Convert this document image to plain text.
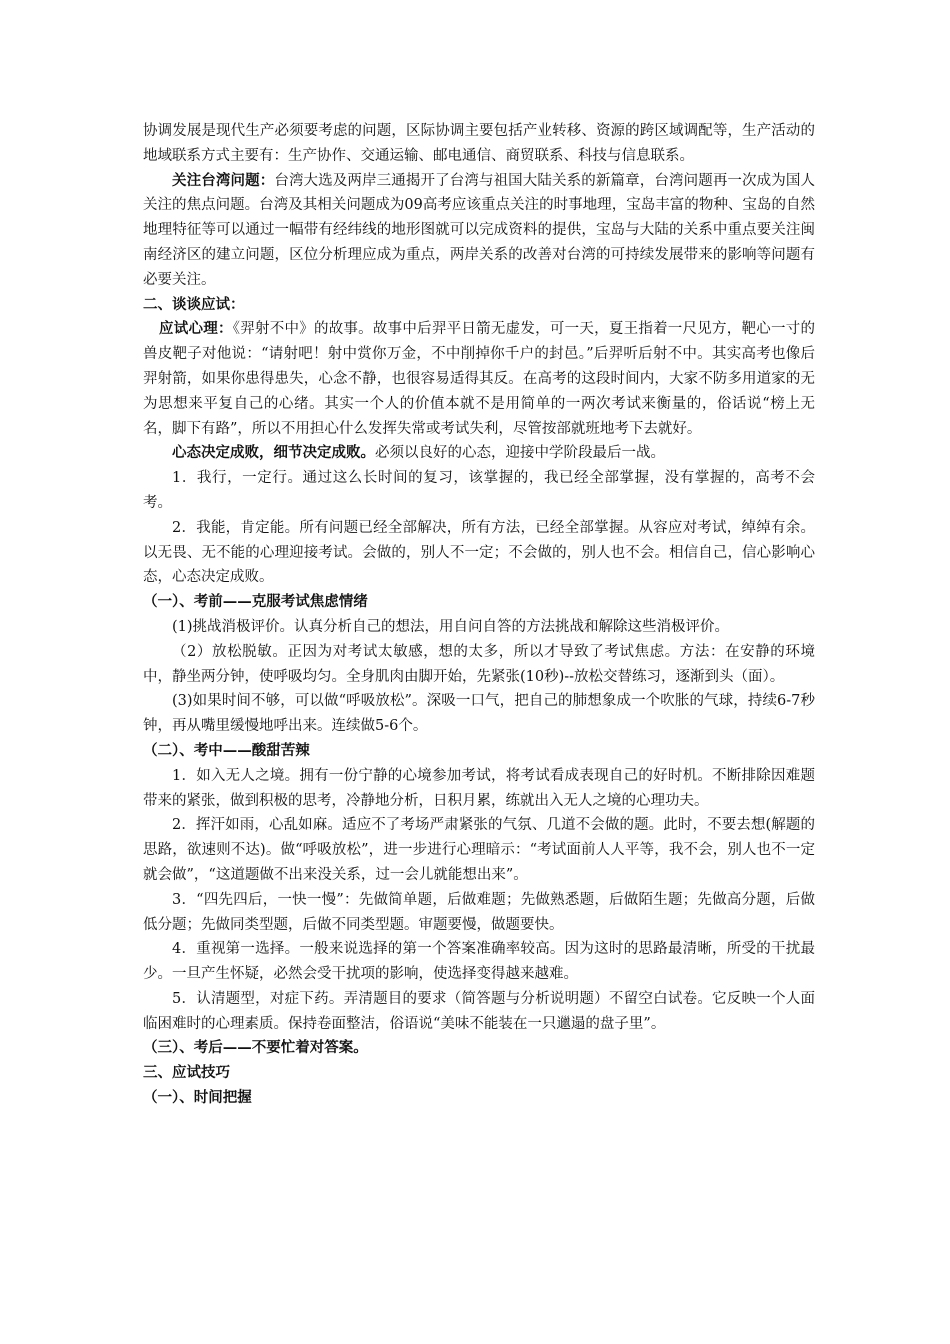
协调发展是现代生产必须要考虑的问题，区际协调主要包括产业转移、资源的跨区域调配等，生产活动的地域联系方式主要有：生产协作、交通运输、邮电通信、商贸联系、科技与信息联系。

关注台湾问题：台湾大选及两岸三通揭开了台湾与祖国大陆关系的新篇章，台湾问题再一次成为国人关注的焦点问题。台湾及其相关问题成为09高考应该重点关注的时事地理，宝岛丰富的物种、宝岛的自然地理特征等可以通过一幅带有经纬线的地形图就可以完成资料的提供，宝岛与大陆的关系中重点要关注闽南经济区的建立问题，区位分析理应成为重点，两岸关系的改善对台湾的可持续发展带来的影响等问题有必要关注。

二、谈谈应试：

应试心理：《羿射不中》的故事。故事中后羿平日箭无虚发，可一天，夏王指着一尺见方，靶心一寸的兽皮靶子对他说：“请射吧！射中赏你万金，不中削掉你千户的封邑。”后羿听后射不中。其实高考也像后羿射箭，如果你患得患失，心念不静，也很容易适得其反。在高考的这段时间内，大家不防多用道家的无为思想来平复自己的心绪。其实一个人的价值本就不是用简单的一两次考试来衡量的，俗话说“榜上无名，脚下有路”，所以不用担心什么发挥失常或考试失利，尽管按部就班地考下去就好。

心态决定成败，细节决定成败。必须以良好的心态，迎接中学阶段最后一战。

1．我行，一定行。通过这么长时间的复习，该掌握的，我已经全部掌握，没有掌握的，高考不会考。

2．我能，肯定能。所有问题已经全部解决，所有方法，已经全部掌握。从容应对考试，绰绰有余。以无畏、无不能的心理迎接考试。会做的，别人不一定；不会做的，别人也不会。相信自己，信心影响心态，心态决定成败。

（一）、考前——克服考试焦虑情绪

(1)挑战消极评价。认真分析自己的想法，用自问自答的方法挑战和解除这些消极评价。

（2）放松脱敏。正因为对考试太敏感，想的太多，所以才导致了考试焦虑。方法：在安静的环境中，静坐两分钟，使呼吸均匀。全身肌肉由脚开始，先紧张(10秒)--放松交替练习，逐渐到头（面）。

(3)如果时间不够，可以做“呼吸放松”。深吸一口气，把自己的肺想象成一个吹胀的气球，持续6-7秒钟，再从嘴里缓慢地呼出来。连续做5-6个。

（二）、考中——酸甜苦辣

1．如入无人之境。拥有一份宁静的心境参加考试，将考试看成表现自己的好时机。不断排除因难题带来的紧张，做到积极的思考，冷静地分析，日积月累，练就出入无人之境的心理功夫。

2．挥汗如雨，心乱如麻。适应不了考场严肃紧张的气氛、几道不会做的题。此时，不要去想(解题的思路，欲速则不达)。做“呼吸放松”，进一步进行心理暗示：“考试面前人人平等，我不会，别人也不一定就会做”，“这道题做不出来没关系，过一会儿就能想出来”。

3．“四先四后，一快一慢”：先做简单题，后做难题；先做熟悉题，后做陌生题；先做高分题，后做低分题；先做同类型题，后做不同类型题。审题要慢，做题要快。

4．重视第一选择。一般来说选择的第一个答案准确率较高。因为这时的思路最清晰，所受的干扰最少。一旦产生怀疑，必然会受干扰项的影响，使选择变得越来越难。

5．认清题型，对症下药。弄清题目的要求（简答题与分析说明题）不留空白试卷。它反映一个人面临困难时的心理素质。保持卷面整洁，俗语说“美味不能装在一只邋遢的盘子里”。

（三）、考后——不要忙着对答案。

三、应试技巧

（一）、时间把握
